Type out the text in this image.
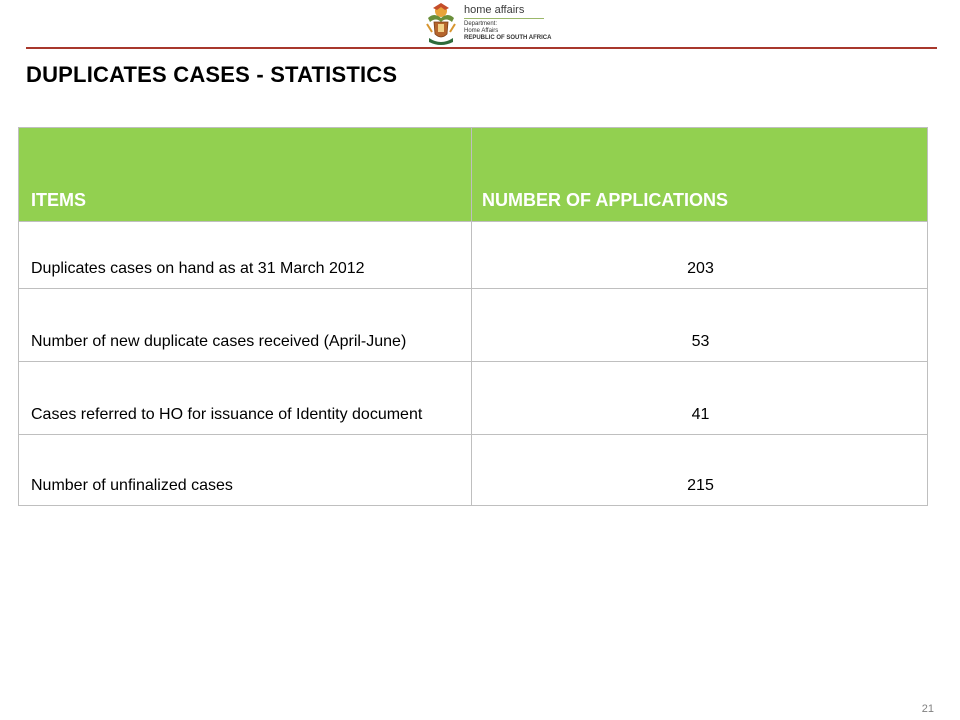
home affairs
Department:
Home Affairs
REPUBLIC OF SOUTH AFRICA
DUPLICATES CASES - STATISTICS
ITEMS	NUMBER OF APPLICATIONS
Duplicates cases on hand as at 31 March 2012	203
Number of new duplicate cases received (April-June)	53
Cases referred to HO for issuance of Identity document	41
Number of unfinalized cases	215
21
